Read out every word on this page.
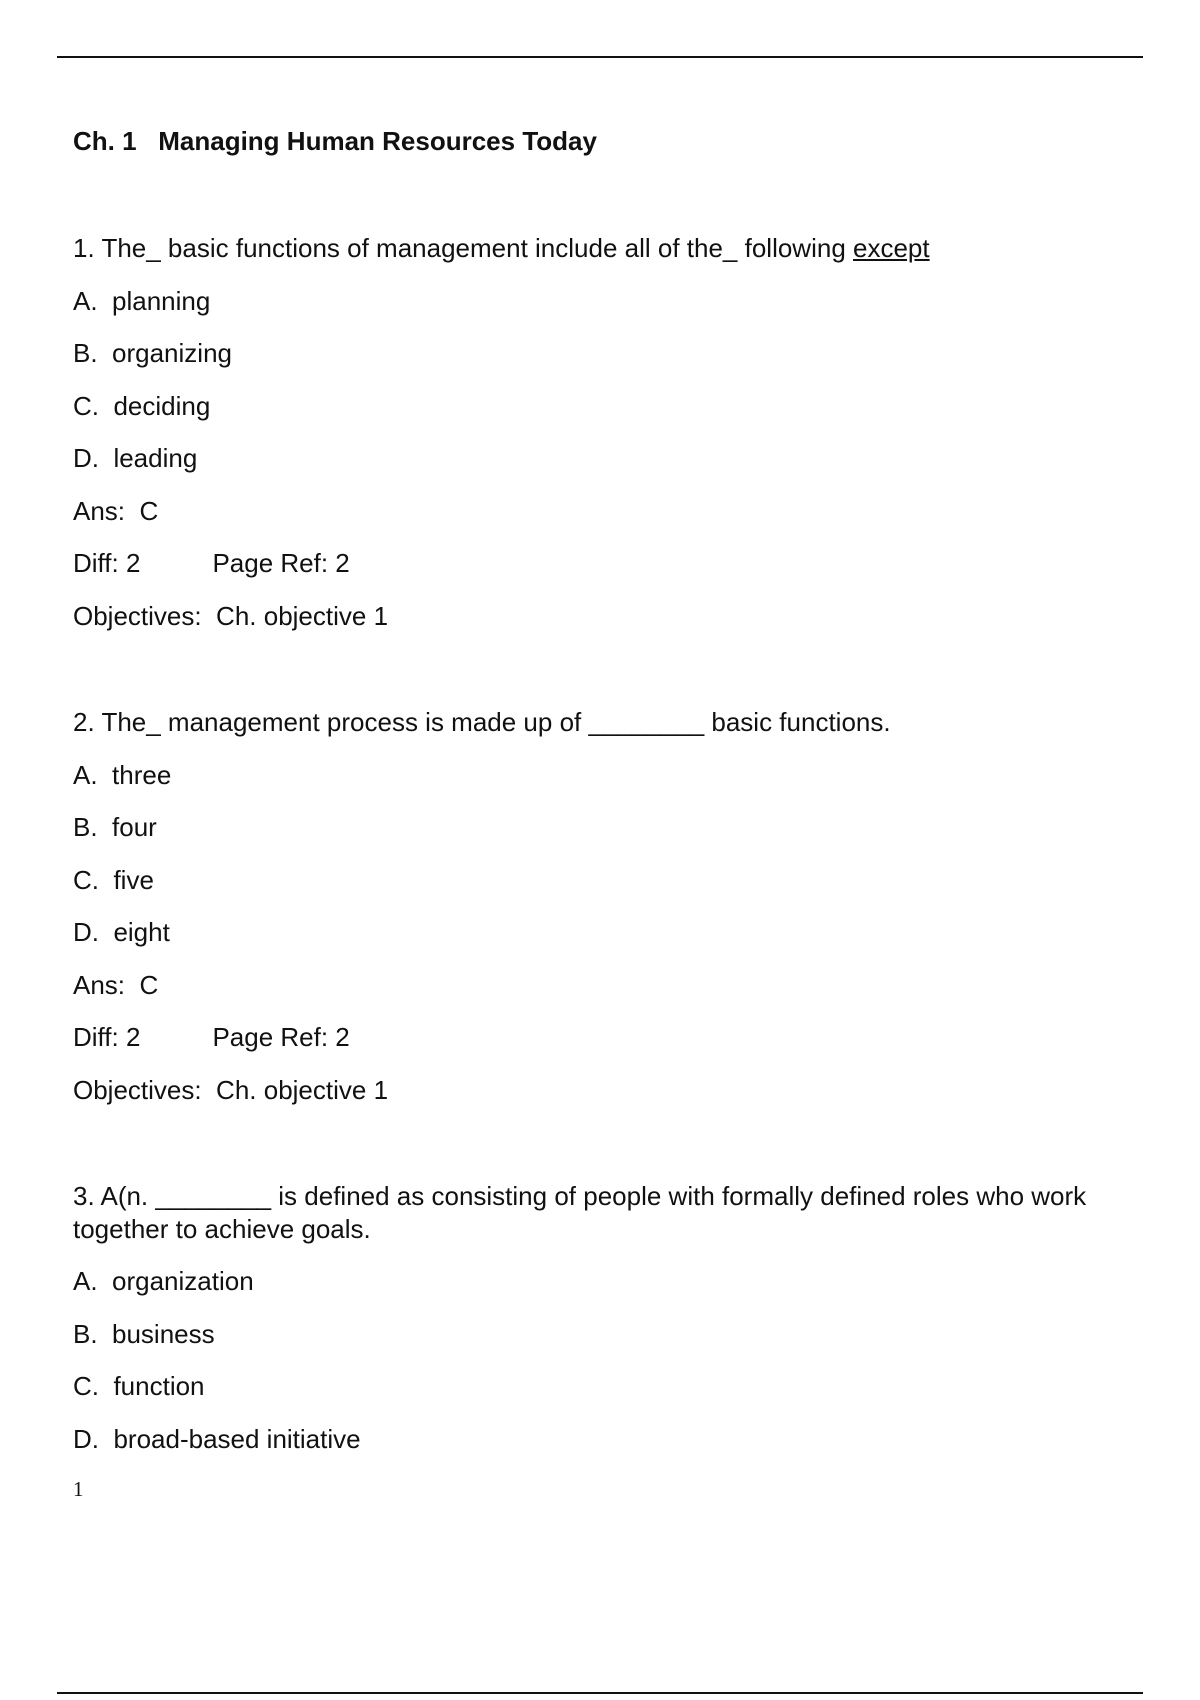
Ch. 1   Managing Human Resources Today
1. The_ basic functions of management include all of the_ following except
A.  planning
B.  organizing
C.  deciding
D.  leading
Ans:  C
Diff: 2	Page Ref: 2
Objectives:  Ch. objective 1
2. The_ management process is made up of ________ basic functions.
A.  three
B.  four
C.  five
D.  eight
Ans:  C
Diff: 2	Page Ref: 2
Objectives:  Ch. objective 1
3. A(n. ________ is defined as consisting of people with formally defined roles who work together to achieve goals.
A.  organization
B.  business
C.  function
D.  broad-based initiative
1
